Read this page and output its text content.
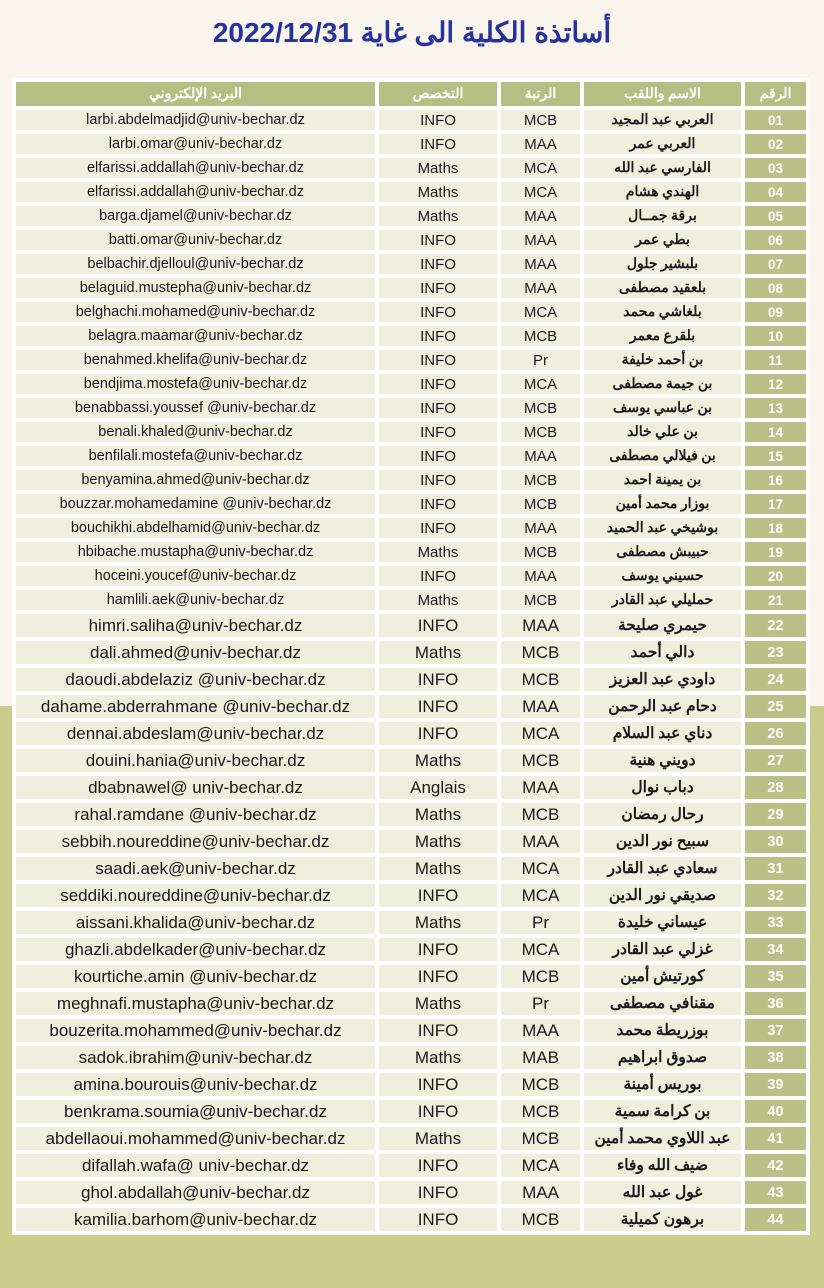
أساتذة الكلية الى غاية 2022/12/31
البريد الإلكتروني	التخصص	الرتبة	الاسم واللقب	الرقم
larbi.abdelmadjid@univ-bechar.dz	INFO	MCB	العربي عبد المجيد	01
larbi.omar@univ-bechar.dz	INFO	MAA	العربي عمر	02
elfarissi.addallah@univ-bechar.dz	Maths	MCA	الفارسي عبد الله	03
elfarissi.addallah@univ-bechar.dz	Maths	MCA	الهندي هشام	04
barga.djamel@univ-bechar.dz	Maths	MAA	برقة جمــال	05
batti.omar@univ-bechar.dz	INFO	MAA	بطي عمر	06
belbachir.djelloul@univ-bechar.dz	INFO	MAA	بلبشير جلول	07
belaguid.mustepha@univ-bechar.dz	INFO	MAA	بلعقيد مصطفى	08
belghachi.mohamed@univ-bechar.dz	INFO	MCA	بلغاشي محمد	09
belagra.maamar@univ-bechar.dz	INFO	MCB	بلقرع معمر	10
benahmed.khelifa@univ-bechar.dz	INFO	Pr	بن أحمد خليفة	11
bendjima.mostefa@univ-bechar.dz	INFO	MCA	بن جيمة مصطفى	12
benabbassi.youssef @univ-bechar.dz	INFO	MCB	بن عباسي يوسف	13
benali.khaled@univ-bechar.dz	INFO	MCB	بن علي خالد	14
benfilali.mostefa@univ-bechar.dz	INFO	MAA	بن فيلالي مصطفى	15
benyamina.ahmed@univ-bechar.dz	INFO	MCB	بن يمينة احمد	16
bouzzar.mohamedamine @univ-bechar.dz	INFO	MCB	بوزار محمد أمين	17
bouchikhi.abdelhamid@univ-bechar.dz	INFO	MAA	بوشيخي عبد الحميد	18
hbibache.mustapha@univ-bechar.dz	Maths	MCB	حبيبش مصطفى	19
hoceini.youcef@univ-bechar.dz	INFO	MAA	حسيني يوسف	20
hamlili.aek@univ-bechar.dz	Maths	MCB	حمليلي عبد القادر	21
himri.saliha@univ-bechar.dz	INFO	MAA	حيمري صليحة	22
dali.ahmed@univ-bechar.dz	Maths	MCB	دالي أحمد	23
daoudi.abdelaziz @univ-bechar.dz	INFO	MCB	داودي عبد العزيز	24
dahame.abderrahmane @univ-bechar.dz	INFO	MAA	دحام عبد الرحمن	25
dennai.abdeslam@univ-bechar.dz	INFO	MCA	دناي عبد السلام	26
douini.hania@univ-bechar.dz	Maths	MCB	دويني هنية	27
dbabnawel@ univ-bechar.dz	Anglais	MAA	دباب نوال	28
rahal.ramdane @univ-bechar.dz	Maths	MCB	رحال رمضان	29
sebbih.noureddine@univ-bechar.dz	Maths	MAA	سبيح نور الدين	30
saadi.aek@univ-bechar.dz	Maths	MCA	سعادي عبد القادر	31
seddiki.noureddine@univ-bechar.dz	INFO	MCA	صديقي نور الدين	32
aissani.khalida@univ-bechar.dz	Maths	Pr	عيساني خليدة	33
ghazli.abdelkader@univ-bechar.dz	INFO	MCA	غزلي عبد القادر	34
kourtiche.amin @univ-bechar.dz	INFO	MCB	كورتيش أمين	35
meghnafi.mustapha@univ-bechar.dz	Maths	Pr	مقنافي مصطفى	36
bouzerita.mohammed@univ-bechar.dz	INFO	MAA	بوزريطة محمد	37
sadok.ibrahim@univ-bechar.dz	Maths	MAB	صدوق ابراهيم	38
amina.bourouis@univ-bechar.dz	INFO	MCB	بوريس أمينة	39
benkrama.soumia@univ-bechar.dz	INFO	MCB	بن كرامة سمية	40
abdellaoui.mohammed@univ-bechar.dz	Maths	MCB	عبد اللاوي محمد أمين	41
difallah.wafa@ univ-bechar.dz	INFO	MCA	ضيف الله وفاء	42
ghol.abdallah@univ-bechar.dz	INFO	MAA	غول عبد الله	43
kamilia.barhom@univ-bechar.dz	INFO	MCB	برهون كميلية	44
